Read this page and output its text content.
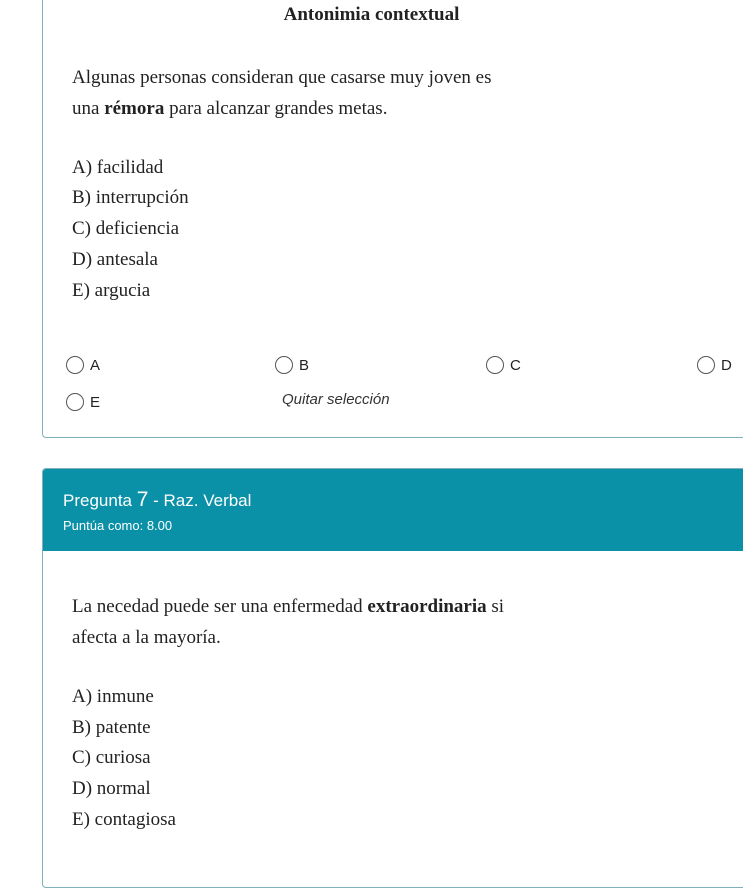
Antonimia contextual
Algunas personas consideran que casarse muy joven es
una rémora para alcanzar grandes metas.
A) facilidad
B) interrupción
C) deficiencia
D) antesala
E) argucia
A	B	C	D
E	Quitar selección
Pregunta 7 - Raz. Verbal
Puntúa como: 8.00
La necedad puede ser una enfermedad extraordinaria si
afecta a la mayoría.
A) inmune
B) patente
C) curiosa
D) normal
E) contagiosa
